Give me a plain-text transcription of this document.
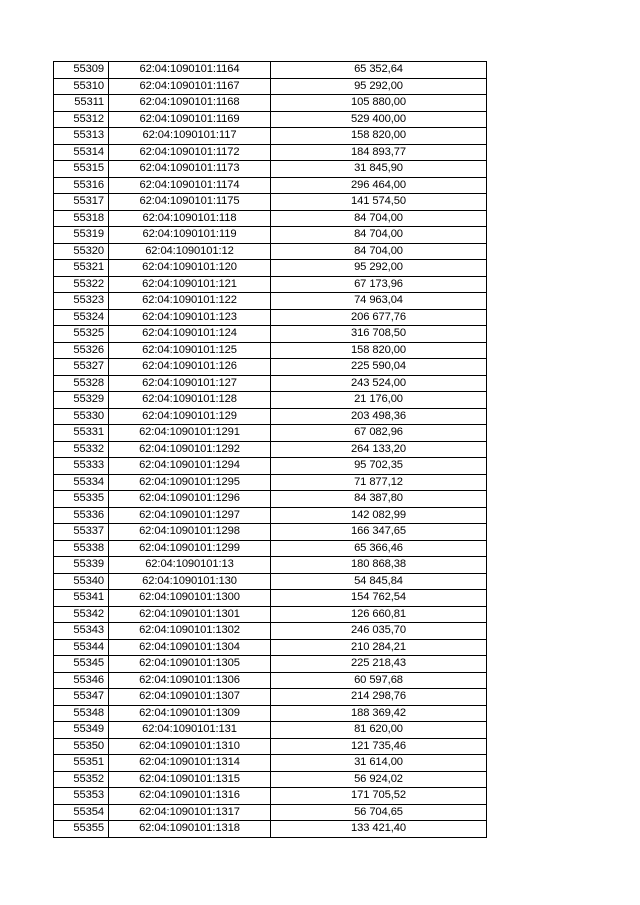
55309	62:04:1090101:1164	65 352,64
55310	62:04:1090101:1167	95 292,00
55311	62:04:1090101:1168	105 880,00
55312	62:04:1090101:1169	529 400,00
55313	62:04:1090101:117	158 820,00
55314	62:04:1090101:1172	184 893,77
55315	62:04:1090101:1173	31 845,90
55316	62:04:1090101:1174	296 464,00
55317	62:04:1090101:1175	141 574,50
55318	62:04:1090101:118	84 704,00
55319	62:04:1090101:119	84 704,00
55320	62:04:1090101:12	84 704,00
55321	62:04:1090101:120	95 292,00
55322	62:04:1090101:121	67 173,96
55323	62:04:1090101:122	74 963,04
55324	62:04:1090101:123	206 677,76
55325	62:04:1090101:124	316 708,50
55326	62:04:1090101:125	158 820,00
55327	62:04:1090101:126	225 590,04
55328	62:04:1090101:127	243 524,00
55329	62:04:1090101:128	21 176,00
55330	62:04:1090101:129	203 498,36
55331	62:04:1090101:1291	67 082,96
55332	62:04:1090101:1292	264 133,20
55333	62:04:1090101:1294	95 702,35
55334	62:04:1090101:1295	71 877,12
55335	62:04:1090101:1296	84 387,80
55336	62:04:1090101:1297	142 082,99
55337	62:04:1090101:1298	166 347,65
55338	62:04:1090101:1299	65 366,46
55339	62:04:1090101:13	180 868,38
55340	62:04:1090101:130	54 845,84
55341	62:04:1090101:1300	154 762,54
55342	62:04:1090101:1301	126 660,81
55343	62:04:1090101:1302	246 035,70
55344	62:04:1090101:1304	210 284,21
55345	62:04:1090101:1305	225 218,43
55346	62:04:1090101:1306	60 597,68
55347	62:04:1090101:1307	214 298,76
55348	62:04:1090101:1309	188 369,42
55349	62:04:1090101:131	81 620,00
55350	62:04:1090101:1310	121 735,46
55351	62:04:1090101:1314	31 614,00
55352	62:04:1090101:1315	56 924,02
55353	62:04:1090101:1316	171 705,52
55354	62:04:1090101:1317	56 704,65
55355	62:04:1090101:1318	133 421,40
